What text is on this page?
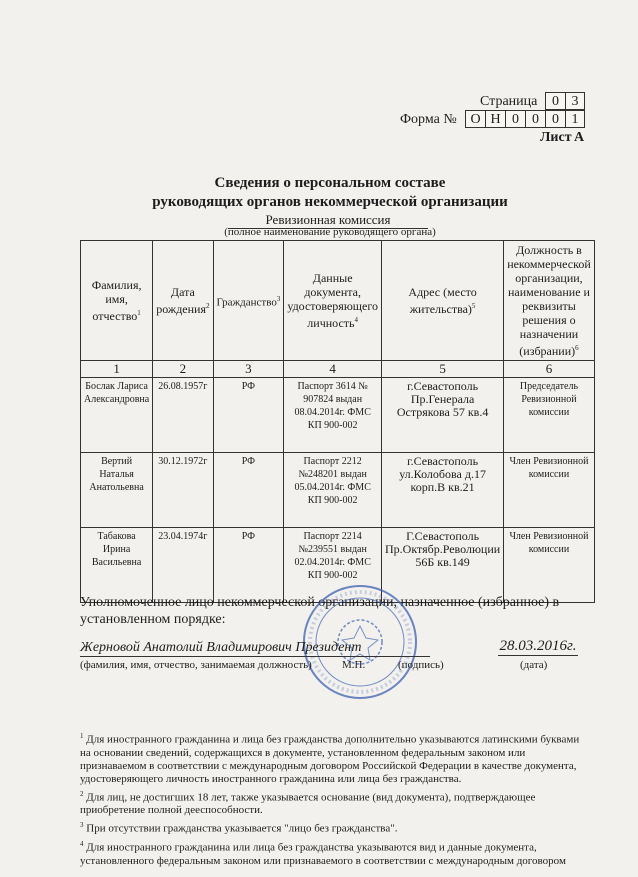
Страница	0 3
Форма № О Н 0 0 0 1
Лист А
Сведения о персональном составе
руководящих органов некоммерческой организации
Ревизионная комиссия
(полное наименование руководящего органа)
Фамилия, имя, отчество$^1$	Дата рождения$^2$	Гражданство$^3$	Данные документа, удостоверяющего личность$^4$	Адрес (место жительства)$^5$	Должность в некоммерческой организации, наименование и реквизиты решения о назначении (избрании)$^6$
1	2	3	4	5	6
Бослак Лариса Александровна	26.08.1957г	РФ	Паспорт 3614 № 907824 выдан 08.04.2014г. ФМС КП 900-002	г.Севастополь Пр.Генерала Острякова 57 кв.4	Председатель Ревизионной комиссии
Вертий Наталья Анатольевна	30.12.1972г	РФ	Паспорт 2212 №248201 выдан 05.04.2014г. ФМС КП 900-002	г.Севастополь ул.Колобова д.17 корп.В кв.21	Член Ревизионной комиссии
Табакова Ирина Васильевна	23.04.1974г	РФ	Паспорт 2214 №239551 выдан 02.04.2014г. ФМС КП 900-002	Г.Севастополь Пр.Октябр.Революции 56Б кв.149	Член Ревизионной комиссии
Уполномоченное лицо некоммерческой организации, назначенное (избранное) в установленном порядке:
Жерновой Анатолий Владимирович Президент	28.03.2016г.
(фамилия, имя, отчество, занимаемая должность)	М.П.	(подпись)	(дата)

$^1$ Для иностранного гражданина и лица без гражданства дополнительно указываются латинскими буквами на основании сведений, содержащихся в документе, установленном федеральным законом или признаваемом в соответствии с международным договором Российской Федерации в качестве документа, удостоверяющего личность иностранного гражданина или лица без гражданства.

$^2$ Для лиц, не достигших 18 лет, также указывается основание (вид документа), подтверждающее приобретение полной дееспособности.

$^3$ При отсутствии гражданства указывается "лицо без гражданства".

$^4$ Для иностранного гражданина или лица без гражданства указываются вид и данные документа, установленного федеральным законом или признаваемого в соответствии с международным договором
